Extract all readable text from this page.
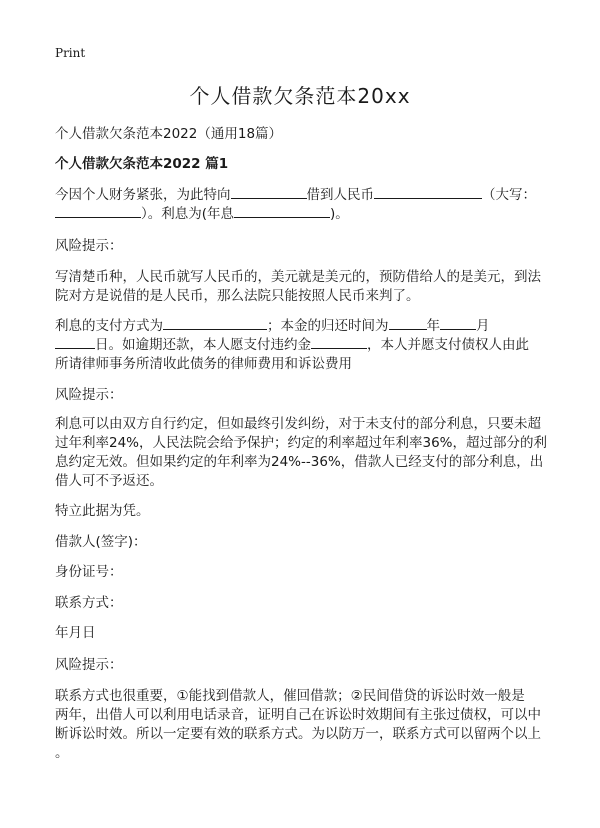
Print
个人借款欠条范本20xx
个人借款欠条范本2022（通用18篇）
个人借款欠条范本2022 篇1
今因个人财务紧张，为此特向	借到人民币	（大写：
）。利息为(年息	)。
风险提示：
写清楚币种，人民币就写人民币的，美元就是美元的，预防借给人的是美元，到法
院对方是说借的是人民币，那么法院只能按照人民币来判了。
利息的支付方式为	；本金的归还时间为	年	月
日。如逾期还款，本人愿支付违约金	，本人并愿支付债权人由此
所请律师事务所清收此债务的律师费用和诉讼费用
风险提示：
利息可以由双方自行约定，但如最终引发纠纷，对于未支付的部分利息，只要未超
过年利率24%，人民法院会给予保护；约定的利率超过年利率36%，超过部分的利
息约定无效。但如果约定的年利率为24%--36%，借款人已经支付的部分利息，出
借人可不予返还。
特立此据为凭。
借款人(签字)：
身份证号：
联系方式：
年月日
风险提示：
联系方式也很重要，①能找到借款人，催回借款；②民间借贷的诉讼时效一般是
两年，出借人可以利用电话录音，证明自己在诉讼时效期间有主张过债权，可以中
断诉讼时效。所以一定要有效的联系方式。为以防万一，联系方式可以留两个以上
。
